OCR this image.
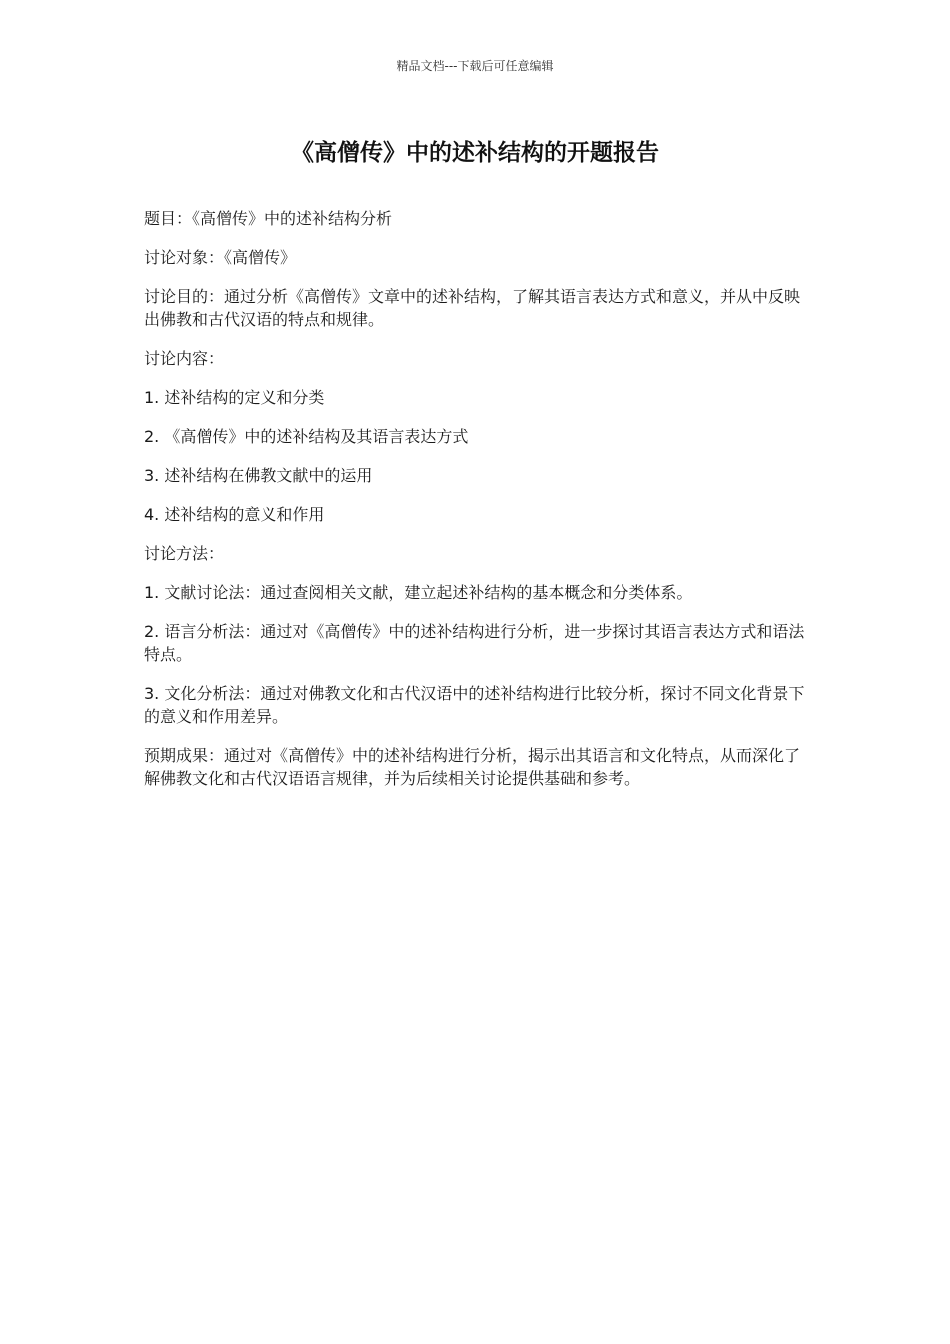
精品文档---下载后可任意编辑
《高僧传》中的述补结构的开题报告

题目：《高僧传》中的述补结构分析

讨论对象：《高僧传》

讨论目的：通过分析《高僧传》文章中的述补结构，了解其语言表达方式和意义，并从中反映出佛教和古代汉语的特点和规律。

讨论内容：

1. 述补结构的定义和分类

2. 《高僧传》中的述补结构及其语言表达方式

3. 述补结构在佛教文献中的运用

4. 述补结构的意义和作用

讨论方法：

1. 文献讨论法：通过查阅相关文献，建立起述补结构的基本概念和分类体系。

2. 语言分析法：通过对《高僧传》中的述补结构进行分析，进一步探讨其语言表达方式和语法特点。

3. 文化分析法：通过对佛教文化和古代汉语中的述补结构进行比较分析，探讨不同文化背景下的意义和作用差异。

预期成果：通过对《高僧传》中的述补结构进行分析，揭示出其语言和文化特点，从而深化了解佛教文化和古代汉语语言规律，并为后续相关讨论提供基础和参考。
